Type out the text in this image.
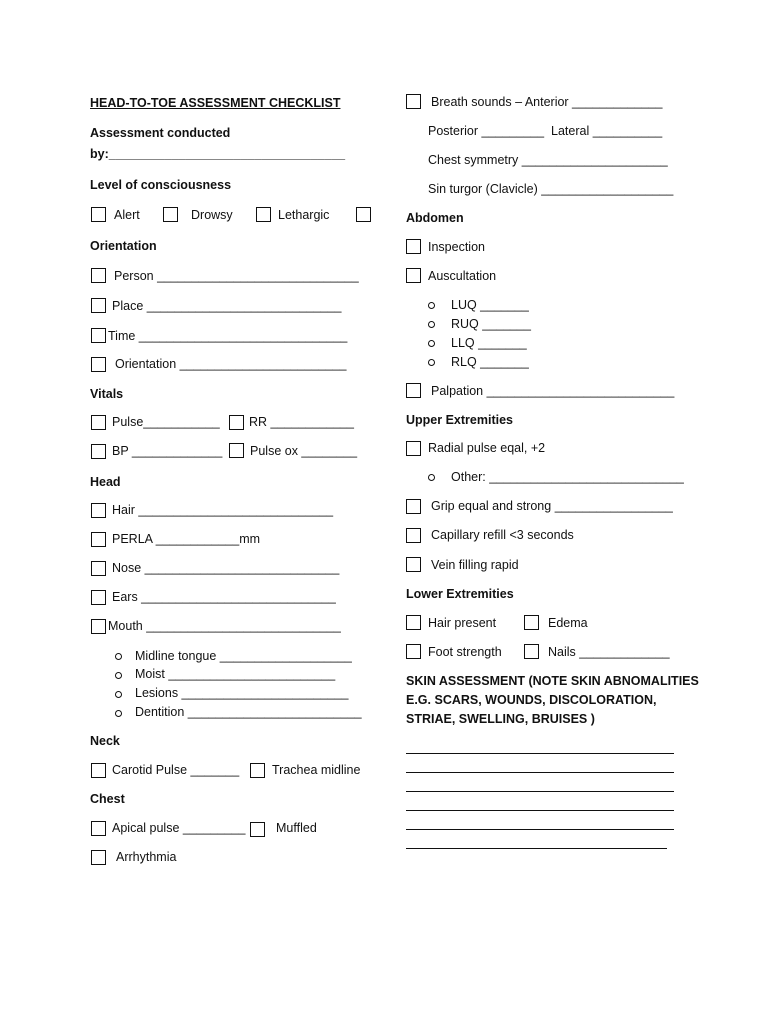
HEAD-TO-TOE ASSESSMENT CHECKLIST
Assessment conducted
by:__________________________________
Level of consciousness
Alert	Drowsy	Lethargic
Orientation
Person _____________________________
Place ____________________________
Time ______________________________
Orientation ________________________
Vitals
Pulse___________ RR ____________
BP _____________ Pulse ox ________
Head
Hair ____________________________
PERLA ____________mm
Nose ____________________________
Ears ____________________________
Mouth ____________________________
Midline tongue ___________________
Moist ________________________
Lesions ________________________
Dentition _________________________
Neck
Carotid Pulse _______	Trachea midline
Chest
Apical pulse _________ Muffled
Arrhythmia
Breath sounds – Anterior _____________
Posterior _________ Lateral __________
Chest symmetry _____________________
Sin turgor (Clavicle) ___________________
Abdomen
Inspection
Auscultation
LUQ _______
RUQ _______
LLQ _______
RLQ _______
Palpation ___________________________
Upper Extremities
Radial pulse eqal, +2
Other: ____________________________
Grip equal and strong _________________
Capillary refill <3 seconds
Vein filling rapid
Lower Extremities
Hair present	Edema
Foot strength	Nails _____________
SKIN ASSESSMENT (NOTE SKIN ABNOMALITIES
E.G. SCARS, WOUNDS, DISCOLORATION,
STRIAE, SWELLING, BRUISES )
